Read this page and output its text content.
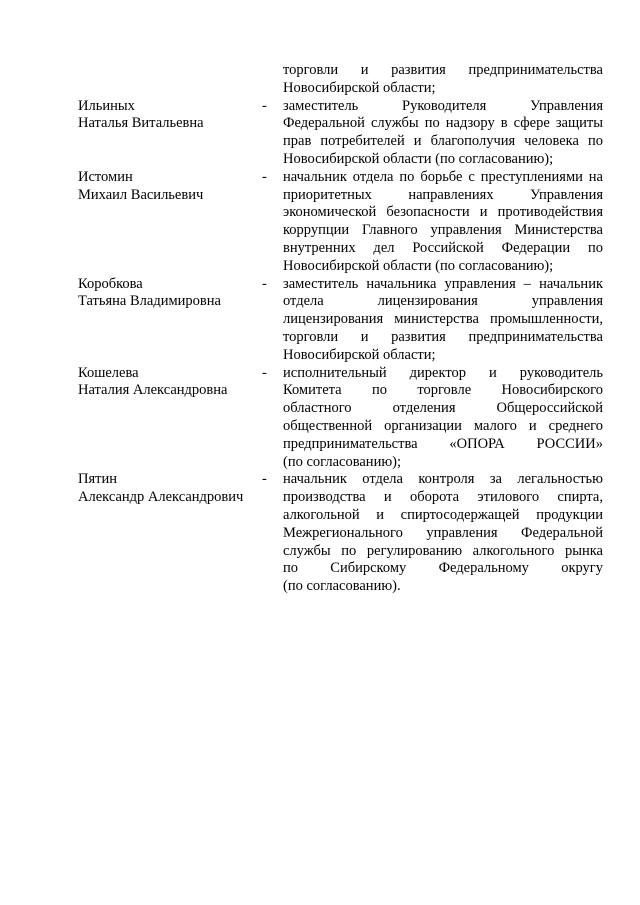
торговли и развития предпринимательства
Новосибирской области;
Ильиных
Наталья Витальевна
-	заместитель Руководителя Управления
Федеральной службы по надзору в сфере защиты
прав потребителей и благополучия человека по
Новосибирской области (по согласованию);
Истомин
Михаил Васильевич
-	начальник отдела по борьбе с преступлениями на
приоритетных направлениях Управления
экономической безопасности и противодействия
коррупции Главного управления Министерства
внутренних дел Российской Федерации по
Новосибирской области (по согласованию);
Коробкова
Татьяна Владимировна
-	заместитель начальника управления – начальник
отдела лицензирования управления
лицензирования министерства промышленности,
торговли и развития предпринимательства
Новосибирской области;
Кошелева
Наталия Александровна
-	исполнительный директор и руководитель
Комитета по торговле Новосибирского
областного отделения Общероссийской
общественной организации малого и среднего
предпринимательства «ОПОРА РОССИИ»
(по согласованию);
Пятин
Александр Александрович
-	начальник отдела контроля за легальностью
производства и оборота этилового спирта,
алкогольной и спиртосодержащей продукции
Межрегионального управления Федеральной
службы по регулированию алкогольного рынка
по Сибирскому Федеральному округу
(по согласованию).
